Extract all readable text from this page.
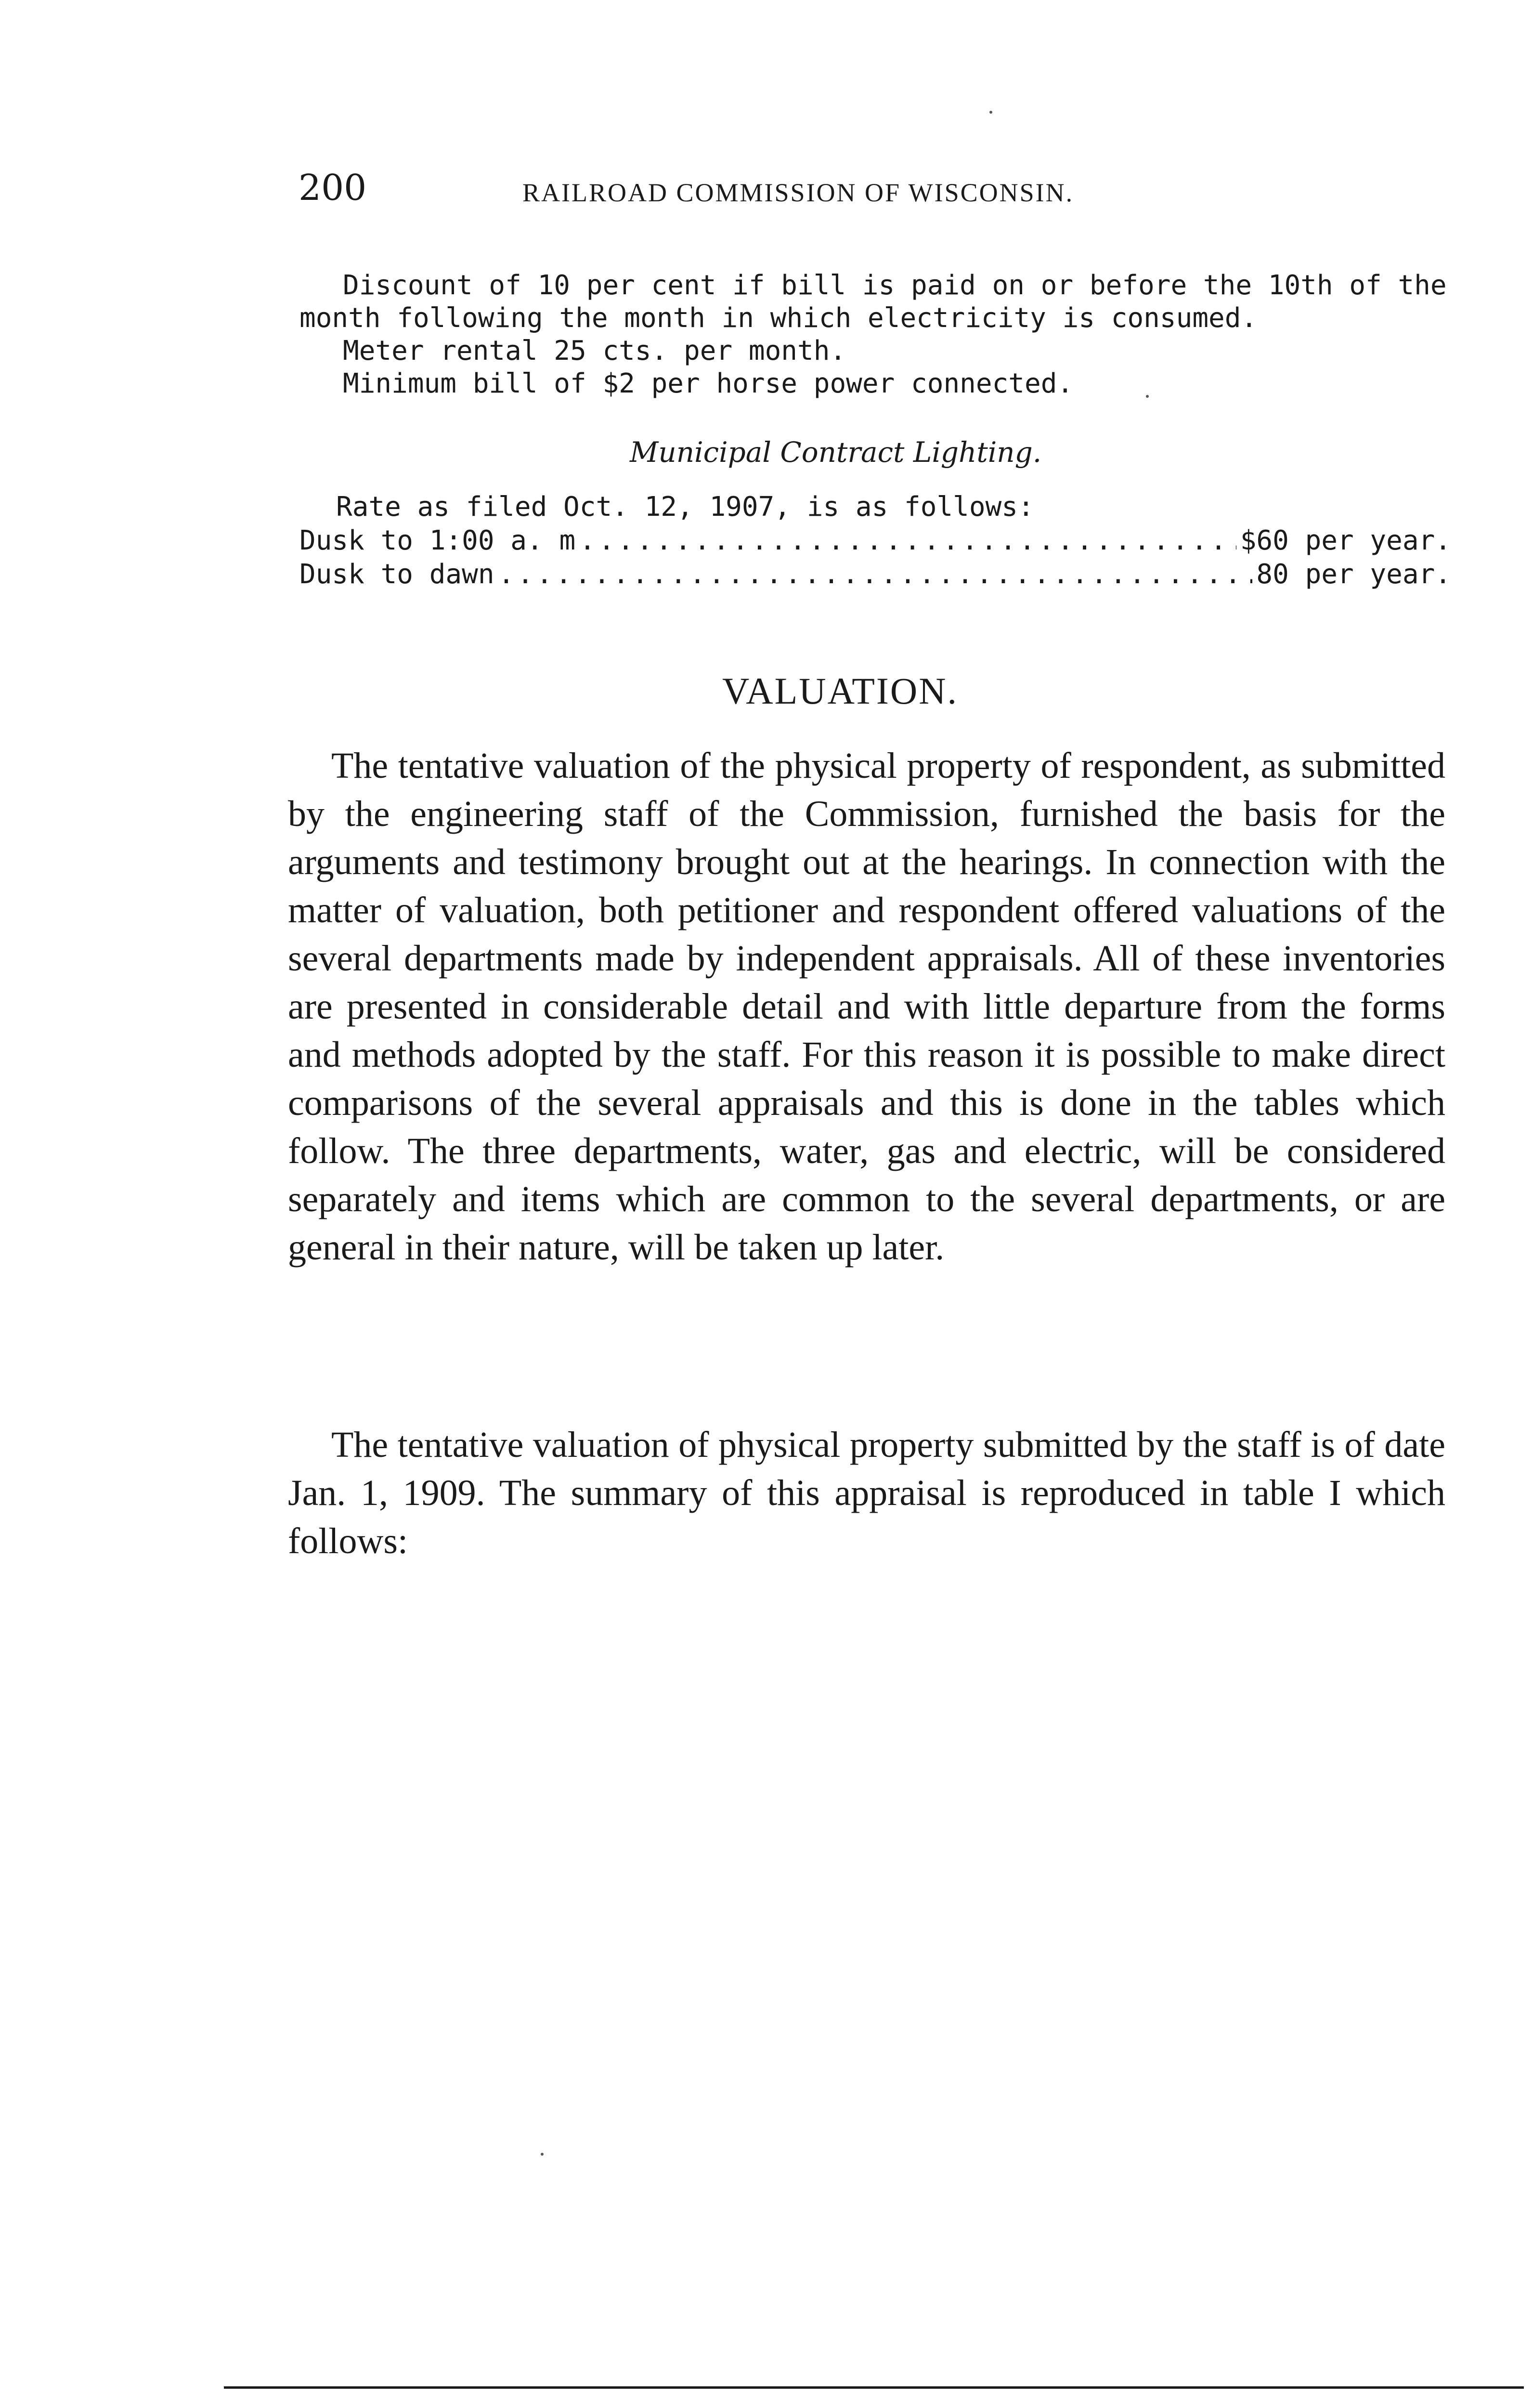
200	RAILROAD COMMISSION OF WISCONSIN.
Discount of 10 per cent if bill is paid on or before the 10th of the
month following the month in which electricity is consumed.
Meter rental 25 cts. per month.
Minimum bill of $2 per horse power connected.
Municipal Contract Lighting.
Rate as filed Oct. 12, 1907, is as follows:
Dusk to 1:00 a. m .....	$60 per year.
Dusk to dawn .....	80 per year.
VALUATION.

The tentative valuation of the physical property of respondent, as submitted by the engineering staff of the Commission, furnished the basis for the arguments and testimony brought out at the hearings. In connection with the matter of valuation, both petitioner and respondent offered valuations of the several departments made by independent appraisals. All of these inventories are presented in considerable detail and with little departure from the forms and methods adopted by the staff. For this reason it is possible to make direct comparisons of the several appraisals and this is done in the tables which follow. The three departments, water, gas and electric, will be considered separately and items which are common to the several departments, or are general in their nature, will be taken up later.

The tentative valuation of physical property submitted by the staff is of date Jan. 1, 1909. The summary of this appraisal is reproduced in table I which follows:
